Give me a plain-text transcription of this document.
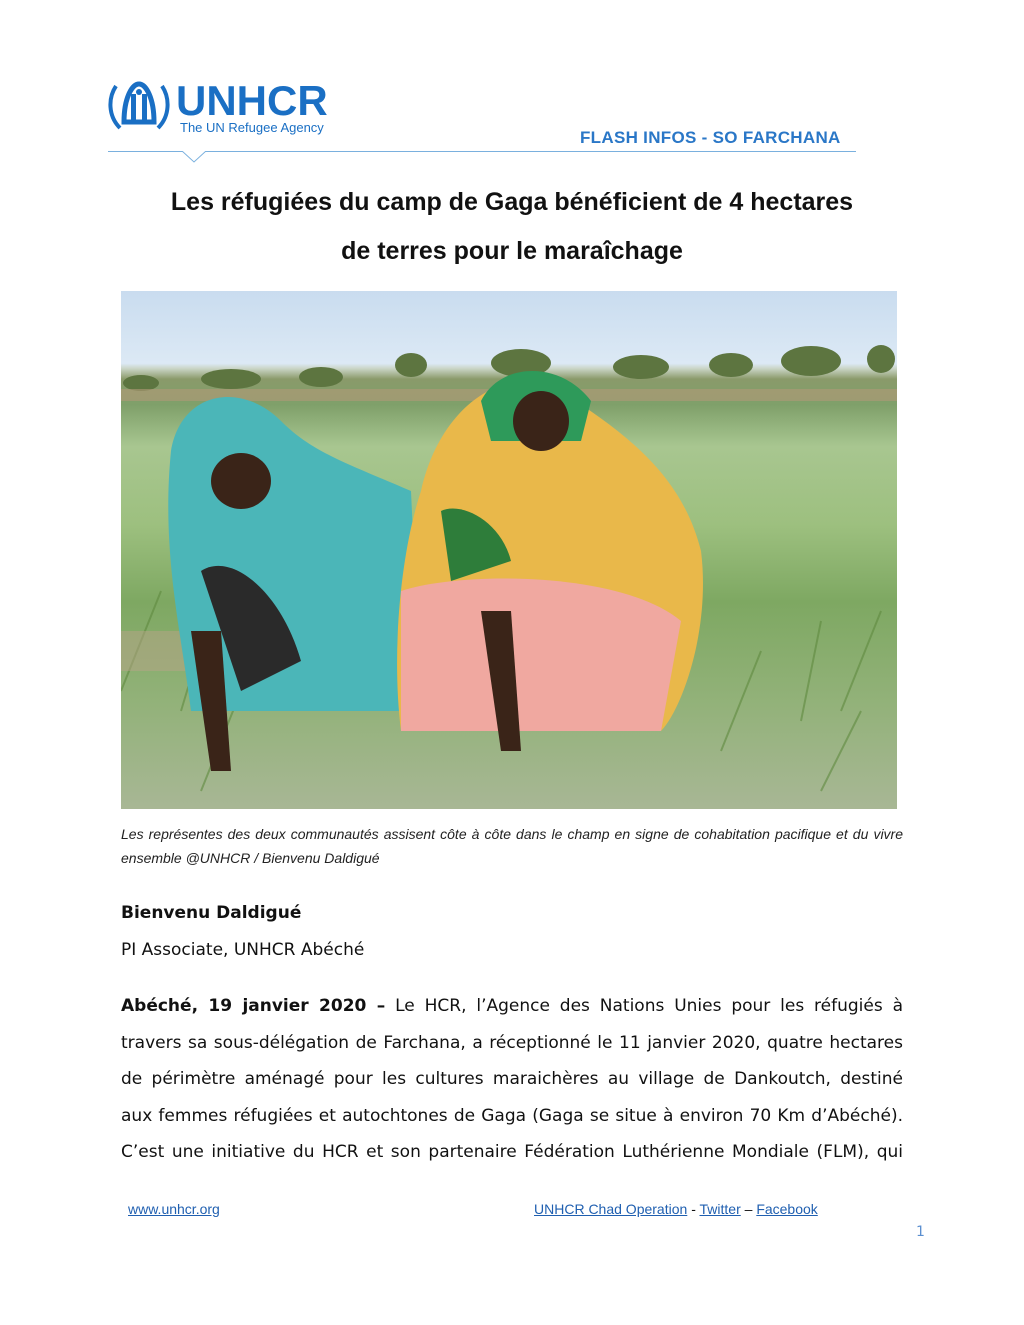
UNHCR
The UN Refugee Agency
FLASH INFOS - SO FARCHANA
Les réfugiées du camp de Gaga bénéficient de 4 hectares
de terres pour le maraîchage
Les représentes des deux communautés assisent côte à côte dans le champ en signe de cohabitation pacifique et du vivre ensemble @UNHCR / Bienvenu Daldigué
Bienvenu Daldigué
PI Associate, UNHCR Abéché
Abéché, 19 janvier 2020 – Le HCR, l’Agence des Nations Unies pour les réfugiés à
travers sa sous-délégation de Farchana, a réceptionné le 11 janvier 2020, quatre hectares
de périmètre aménagé pour les cultures maraichères au village de Dankoutch, destiné
aux femmes réfugiées et autochtones de Gaga (Gaga se situe à environ 70 Km d’Abéché).
C’est une initiative du HCR et son partenaire Fédération Luthérienne Mondiale (FLM), qui
www.unhcr.org	UNHCR Chad Operation - Twitter – Facebook
1
